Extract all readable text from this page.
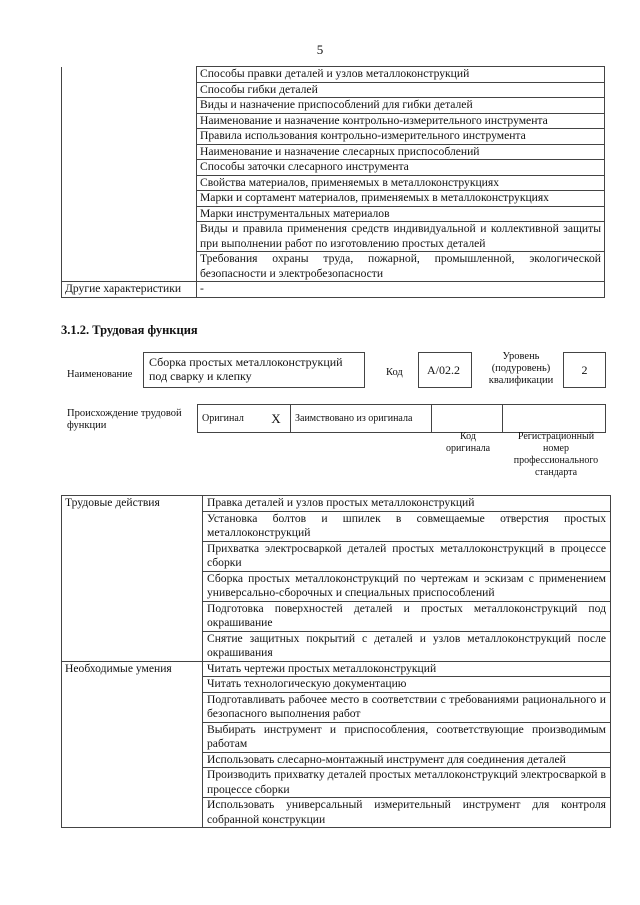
5
	Способы правки деталей и узлов металлоконструкций
	Способы гибки деталей
	Виды и назначение приспособлений для гибки деталей
	Наименование и назначение контрольно-измерительного инструмента
	Правила использования контрольно-измерительного инструмента
	Наименование и назначение слесарных приспособлений
	Способы заточки слесарного инструмента
	Свойства материалов, применяемых в металлоконструкциях
	Марки и сортамент материалов, применяемых в металлоконструкциях
	Марки инструментальных материалов
	Виды и правила применения средств индивидуальной и коллективной защиты при выполнении работ по изготовлению простых деталей
	Требования охраны труда, пожарной, промышленной, экологической безопасности и электробезопасности
Другие характеристики	-
3.1.2. Трудовая функция
Наименование
Сборка простых металлоконструкций под сварку и клепку	Код	A/02.2
Уровень (подуровень) квалификации
2
Происхождение трудовой функции
Оригинал	X	Заимствовано из оригинала		
Код оригинала
Регистрационный номер профессионального стандарта
Трудовые действия	Правка деталей и узлов простых металлоконструкций
	Установка болтов и шпилек в совмещаемые отверстия простых металлоконструкций
	Прихватка электросваркой деталей простых металлоконструкций в процессе сборки
	Сборка простых металлоконструкций по чертежам и эскизам с применением универсально-сборочных и специальных приспособлений
	Подготовка поверхностей деталей и простых металлоконструкций под окрашивание
	Снятие защитных покрытий с деталей и узлов металлоконструкций после окрашивания
Необходимые умения	Читать чертежи простых металлоконструкций
	Читать технологическую документацию
	Подготавливать рабочее место в соответствии с требованиями рационального и безопасного выполнения работ
	Выбирать инструмент и приспособления, соответствующие производимым работам
	Использовать слесарно-монтажный инструмент для соединения деталей
	Производить прихватку деталей простых металлоконструкций электросваркой в процессе сборки
	Использовать универсальный измерительный инструмент для контроля собранной конструкции
